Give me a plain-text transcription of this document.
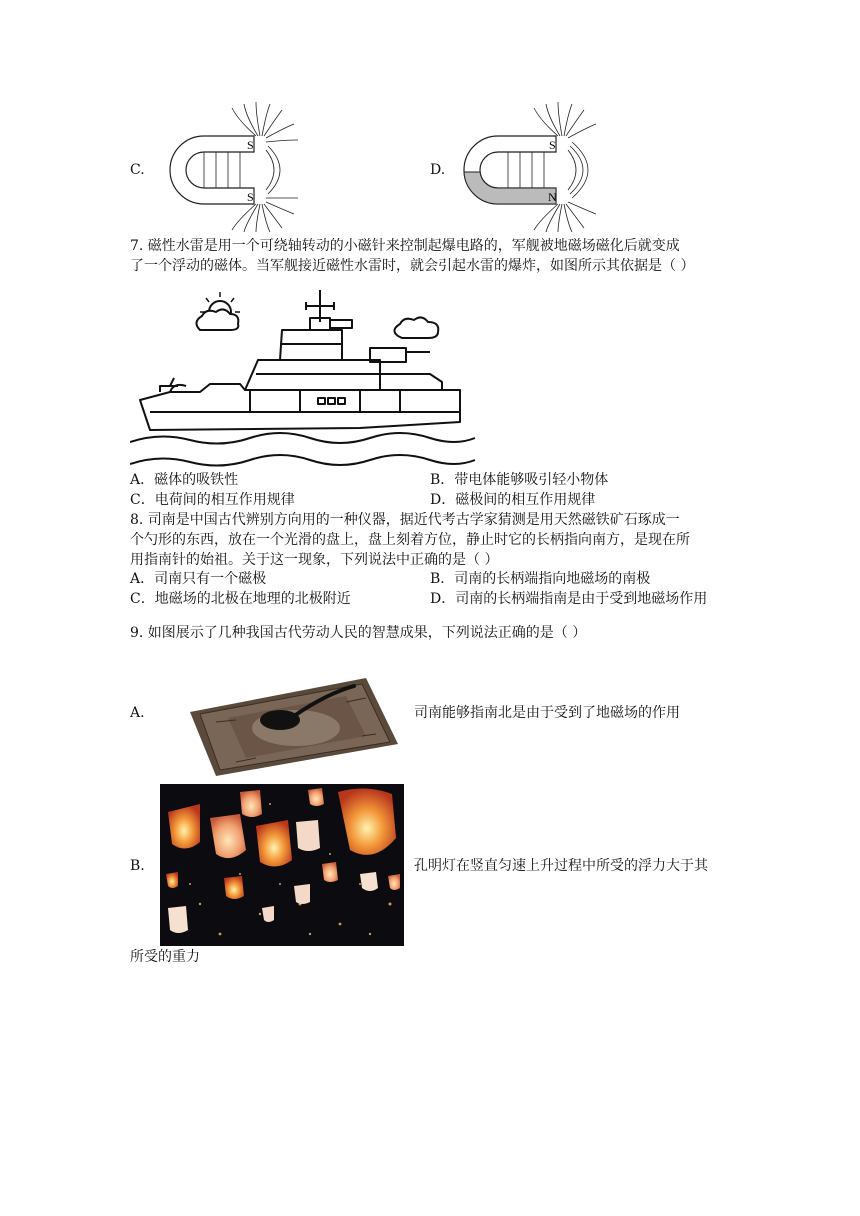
C.
S
S
D.
S
N
7. 磁性水雷是用一个可绕轴转动的小磁针来控制起爆电路的，军舰被地磁场磁化后就变成
了一个浮动的磁体。当军舰接近磁性水雷时，就会引起水雷的爆炸，如图所示其依据是（ ）
A．磁体的吸铁性	B．带电体能够吸引轻小物体
C．电荷间的相互作用规律	D．磁极间的相互作用规律
8. 司南是中国古代辨别方向用的一种仪器，据近代考古学家猜测是用天然磁铁矿石琢成一
个勺形的东西，放在一个光滑的盘上，盘上刻着方位，静止时它的长柄指向南方，是现在所
用指南针的始祖。关于这一现象，下列说法中正确的是（ ）
A．司南只有一个磁极	B．司南的长柄端指向地磁场的南极
C．地磁场的北极在地理的北极附近	D．司南的长柄端指南是由于受到地磁场作用
9. 如图展示了几种我国古代劳动人民的智慧成果，下列说法正确的是（ ）
A.	司南能够指南北是由于受到了地磁场的作用
B.	孔明灯在竖直匀速上升过程中所受的浮力大于其
所受的重力
